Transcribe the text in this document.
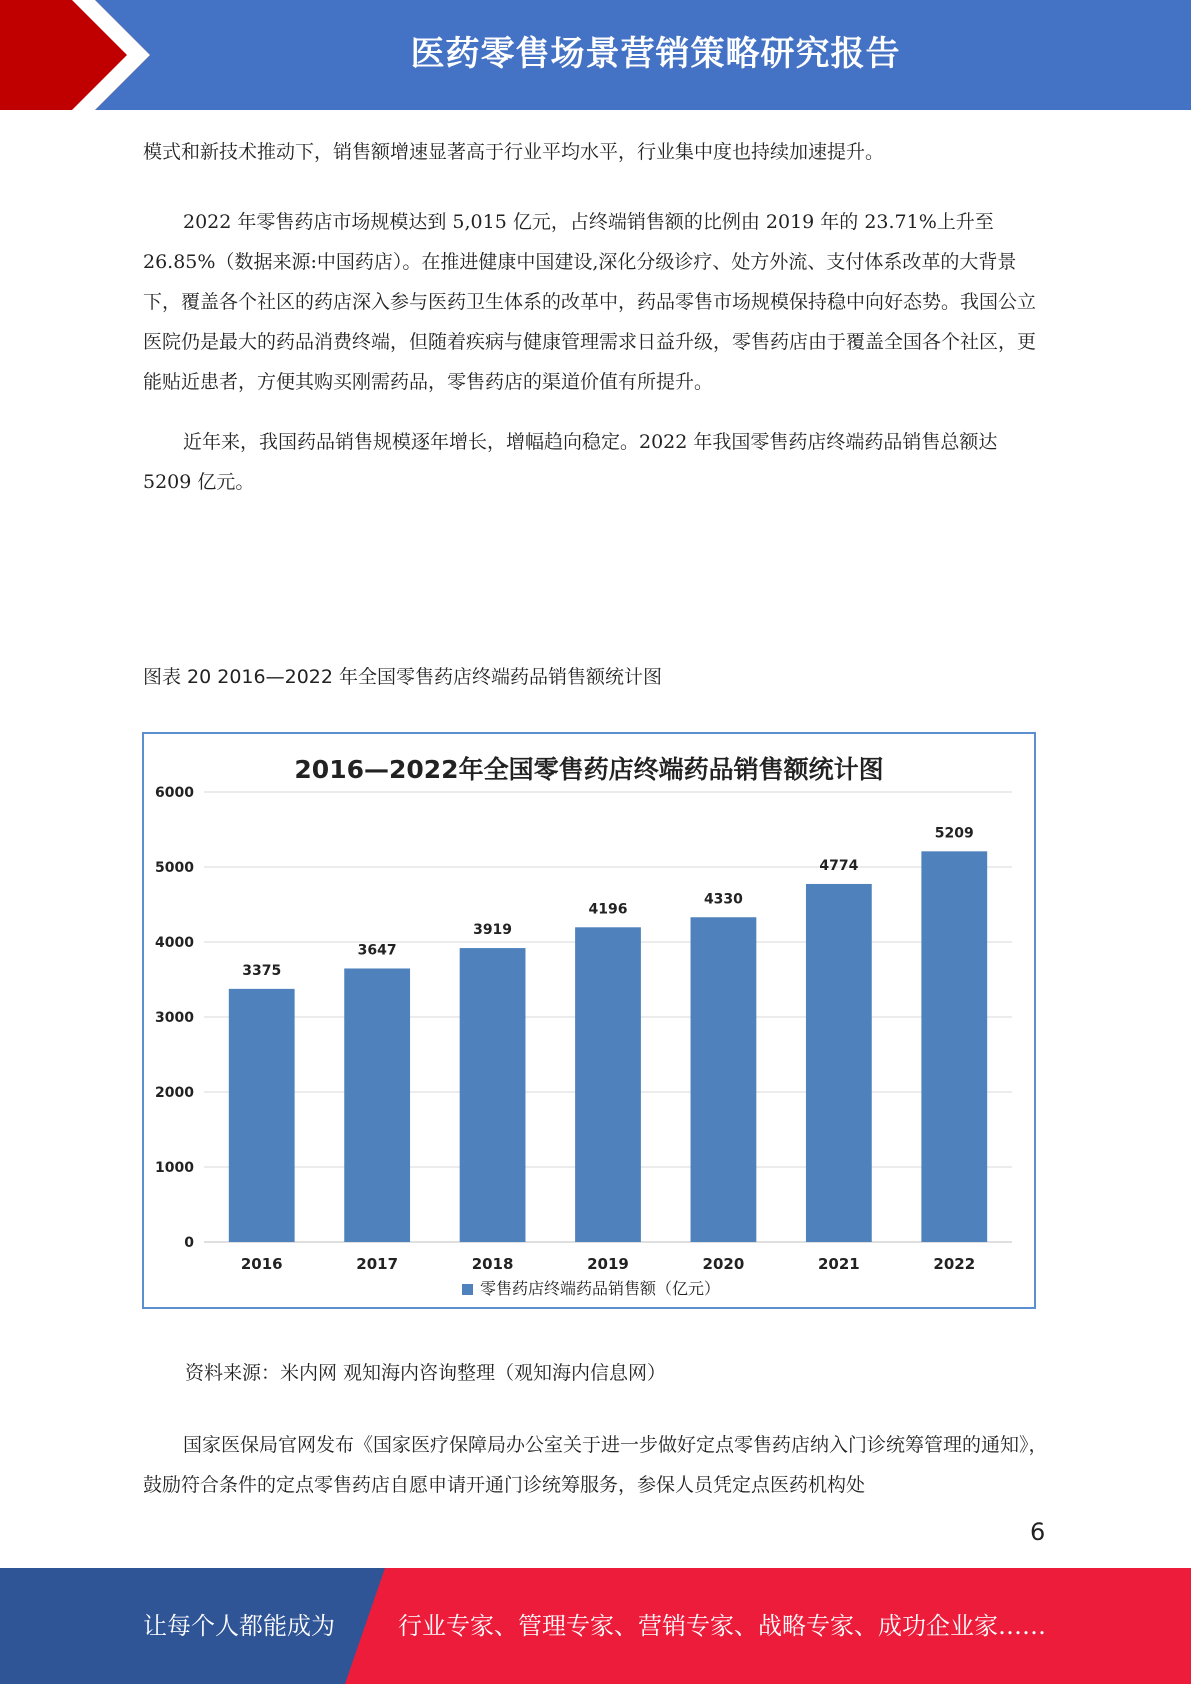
医药零售场景营销策略研究报告

模式和新技术推动下，销售额增速显著高于行业平均水平，行业集中度也持续加速提升。

2022 年零售药店市场规模达到 5,015 亿元，占终端销售额的比例由 2019 年的 23.71%上升至 26.85%（数据来源:中国药店）。在推进健康中国建设,深化分级诊疗、处方外流、支付体系改革的大背景下，覆盖各个社区的药店深入参与医药卫生体系的改革中，药品零售市场规模保持稳中向好态势。我国公立医院仍是最大的药品消费终端，但随着疾病与健康管理需求日益升级，零售药店由于覆盖全国各个社区，更能贴近患者，方便其购买刚需药品，零售药店的渠道价值有所提升。

近年来，我国药品销售规模逐年增长，增幅趋向稳定。2022 年我国零售药店终端药品销售总额达 5209 亿元。

图表 20 2016—2022 年全国零售药店终端药品销售额统计图
2016—2022年全国零售药店终端药品销售额统计图
0
1000
2000
3000
4000
5000
6000
3375
2016
3647
2017
3919
2018
4196
2019
4330
2020
4774
2021
5209
2022
零售药店终端药品销售额（亿元）
资料来源：米内网 观知海内咨询整理（观知海内信息网）

国家医保局官网发布《国家医疗保障局办公室关于进一步做好定点零售药店纳入门诊统筹管理的通知》，鼓励符合条件的定点零售药店自愿申请开通门诊统筹服务，参保人员凭定点医药机构处

6
让每个人都能成为	行业专家、管理专家、营销专家、战略专家、成功企业家……
